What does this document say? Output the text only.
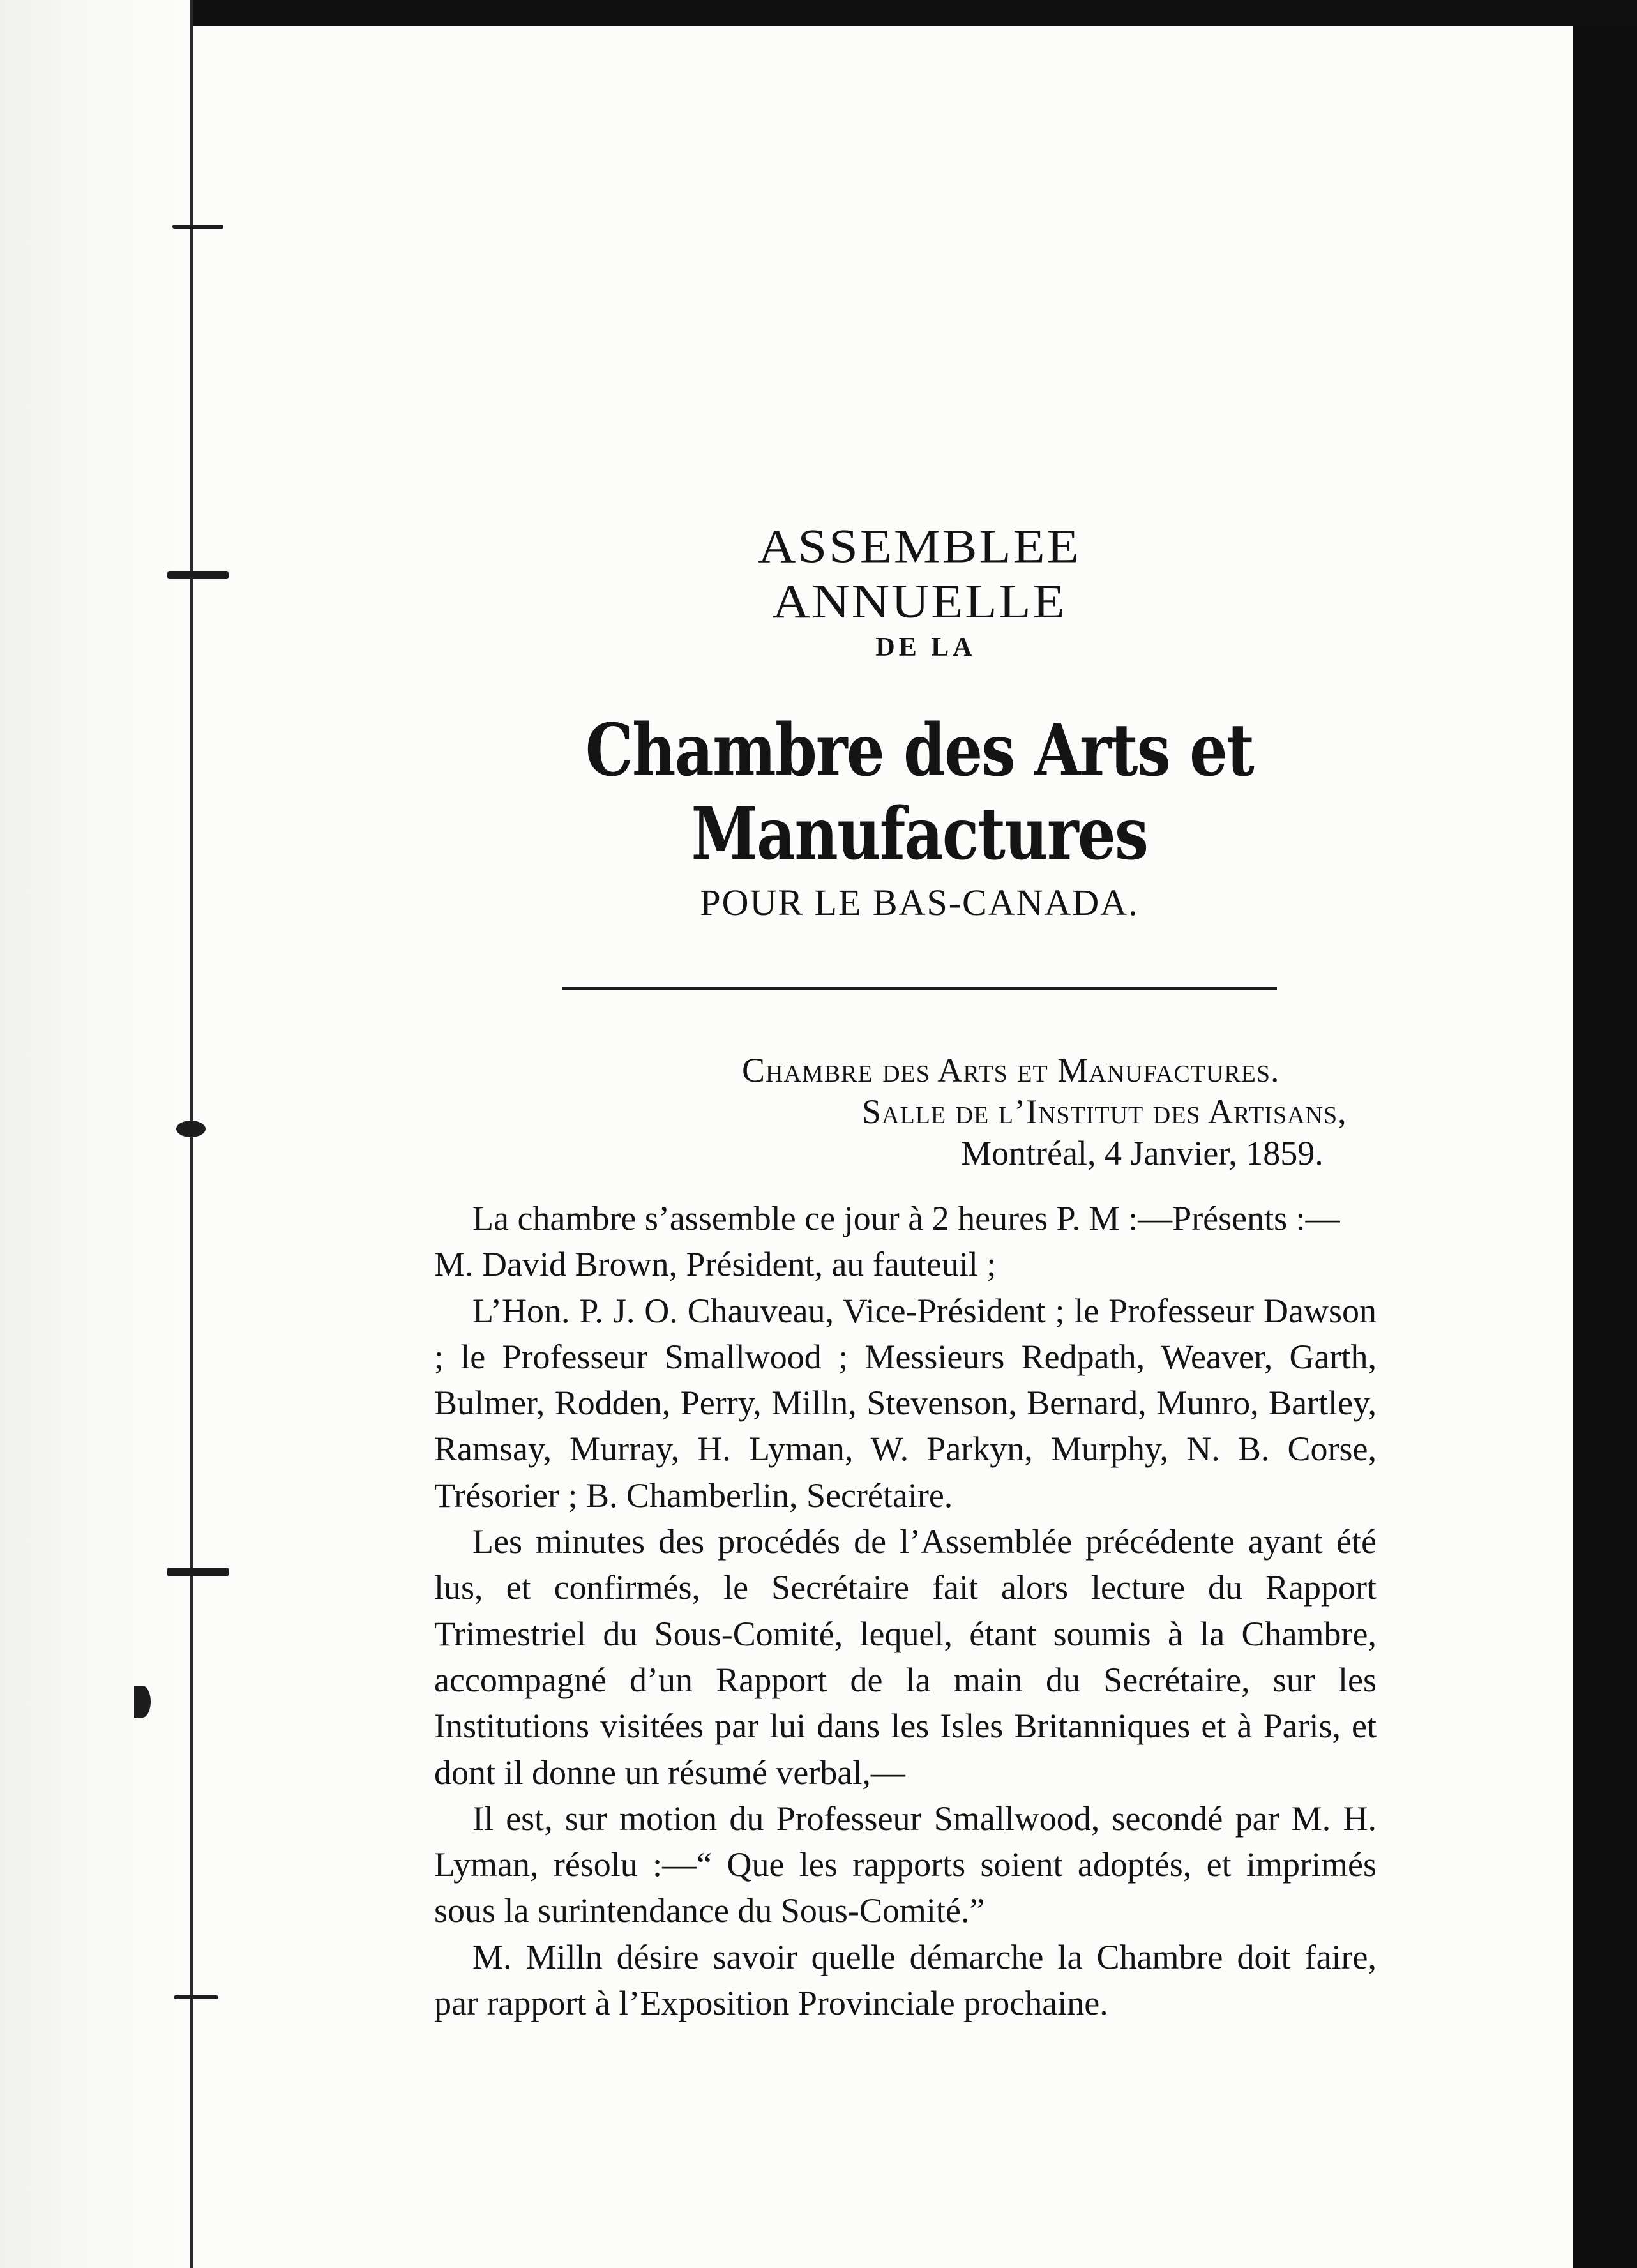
ASSEMBLEE ANNUELLE
DE LA
Chambre des Arts et Manufactures
POUR LE BAS-CANADA.
Chambre des Arts et Manufactures.
Salle de l’Institut des Artisans,
Montréal, 4 Janvier, 1859.

La chambre s’assemble ce jour à 2 heures P. M :—Présents :—

M. David Brown, Président, au fauteuil ;

L’Hon. P. J. O. Chauveau, Vice-Président ; le Professeur Dawson ; le Professeur Smallwood ; Messieurs Redpath, Weaver, Garth, Bulmer, Rodden, Perry, Milln, Stevenson, Bernard, Munro, Bartley, Ramsay, Murray, H. Lyman, W. Parkyn, Murphy, N. B. Corse, Trésorier ; B. Chamberlin, Secrétaire.

Les minutes des procédés de l’Assemblée précédente ayant été lus, et confirmés, le Secrétaire fait alors lecture du Rapport Trimestriel du Sous-Comité, lequel, étant soumis à la Chambre, accompagné d’un Rapport de la main du Secrétaire, sur les Institutions visitées par lui dans les Isles Britanniques et à Paris, et dont il donne un résumé verbal,—

Il est, sur motion du Professeur Smallwood, secondé par M. H. Lyman, résolu :—“ Que les rapports soient adoptés, et imprimés sous la surintendance du Sous-Comité.”

M. Milln désire savoir quelle démarche la Chambre doit faire, par rapport à l’Exposition Provinciale prochaine.
